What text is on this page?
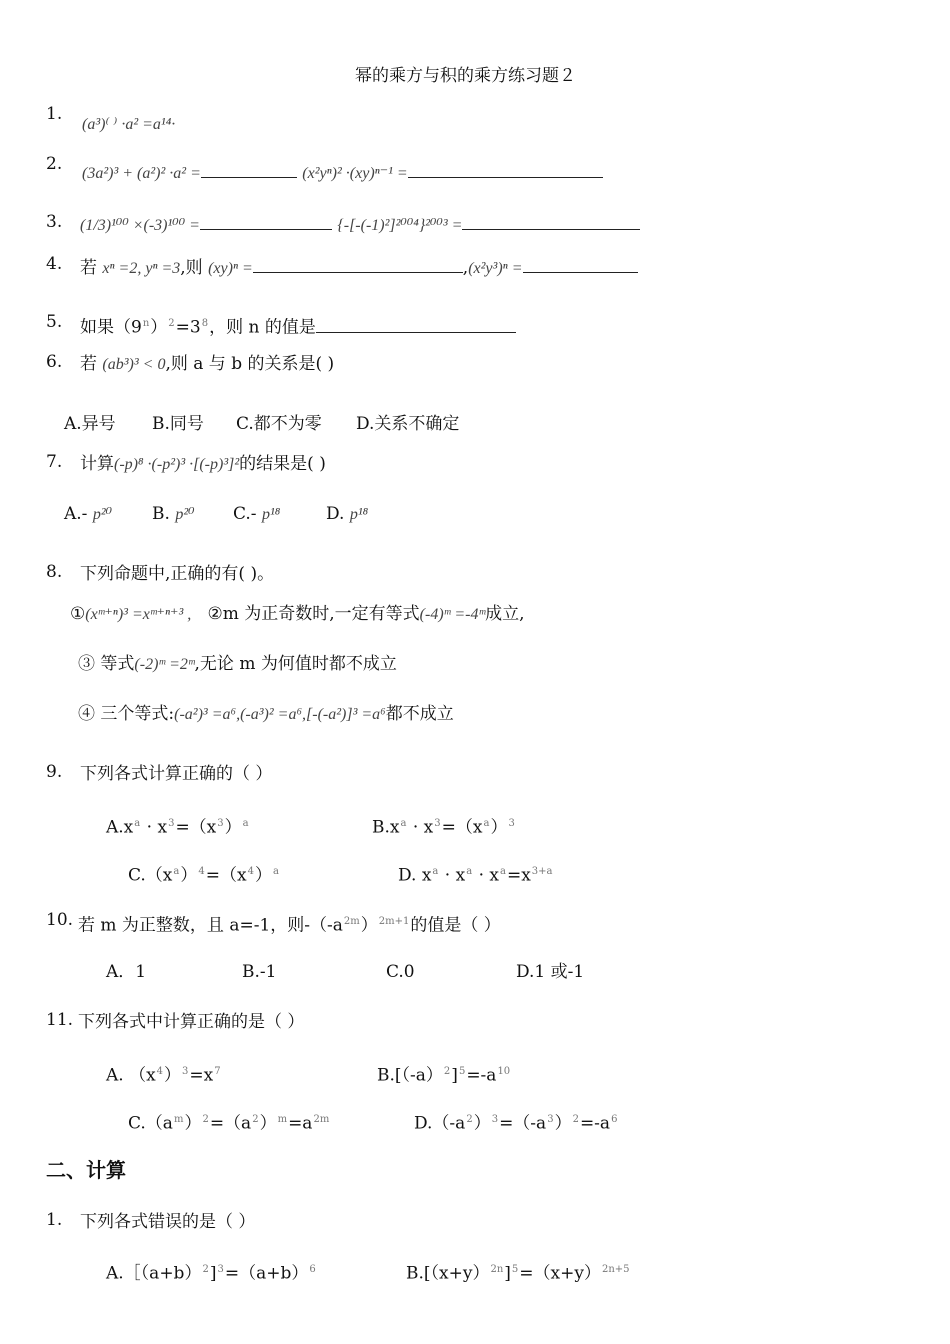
幂的乘方与积的乘方练习题２
1.
(a³)⁽ ⁾ ·a² =a¹⁴·
2. (3a²)³ + (a²)² ·a² =	(x²yⁿ)² ·(xy)ⁿ⁻¹ =
3. (1/3)¹⁰⁰ ×(-3)¹⁰⁰ =	{-[-(-1)²]²⁰⁰⁴}²⁰⁰³ =
4. 若 xⁿ =2, yⁿ =3,则 (xy)ⁿ =	,(x²y³)ⁿ =
5. 如果$(9^n)^2=3^8$，则 n 的值是
6. 若 (ab³)³ < 0,则 a 与 b 的关系是( )
A.异号 B.同号 C.都不为零 D.关系不确定
7. 计算(-p)⁸ ·(-p²)³ ·[(-p)³]²的结果是( )
A.- p²⁰ B. p²⁰ C.- p¹⁸	D. p¹⁸
8. 下列命题中,正确的有( )。
①(xᵐ⁺ⁿ)³ =xᵐ⁺ⁿ⁺³ , ②m 为正奇数时,一定有等式(-4)ᵐ =-4ᵐ成立,
③ 等式(-2)ᵐ =2ᵐ,无论 m 为何值时都不成立
④ 三个等式:(-a²)³ =a⁶,(-a³)² =a⁶,[-(-a²)]³ =a⁶都不成立
9. 下列各式计算正确的（ ）
$A.x^a \cdot x^3=(x^3)^a$	$B.x^a \cdot x^3=(x^a)^3$
$C.(x^a)^4=(x^4)^a$	D. $x^a \cdot x^a \cdot x^a=x^{3+a}$
10. 若 m 为正整数，且 a=-1，则$-(-a^{2m})^{2m+1}$的值是（ ）
A．1	B.-1	C.0	D.1 或-1
11. 下列各式中计算正确的是（ ）
A. $(x^4)^3=x^7$	$B.[(-a)^2]^5=-a^{10}$
$C.(a^m)^2=(a^2)^m=a^{2m}$	$D.(-a^2)^3=(-a^3)^2=-a^6$
二、计算
1. 下列各式错误的是（ ）
$A.[(a+b)^2]^3=(a+b)^6$	$B.[(x+y)^{2n}]^5=(x+y)^{2n+5}$
